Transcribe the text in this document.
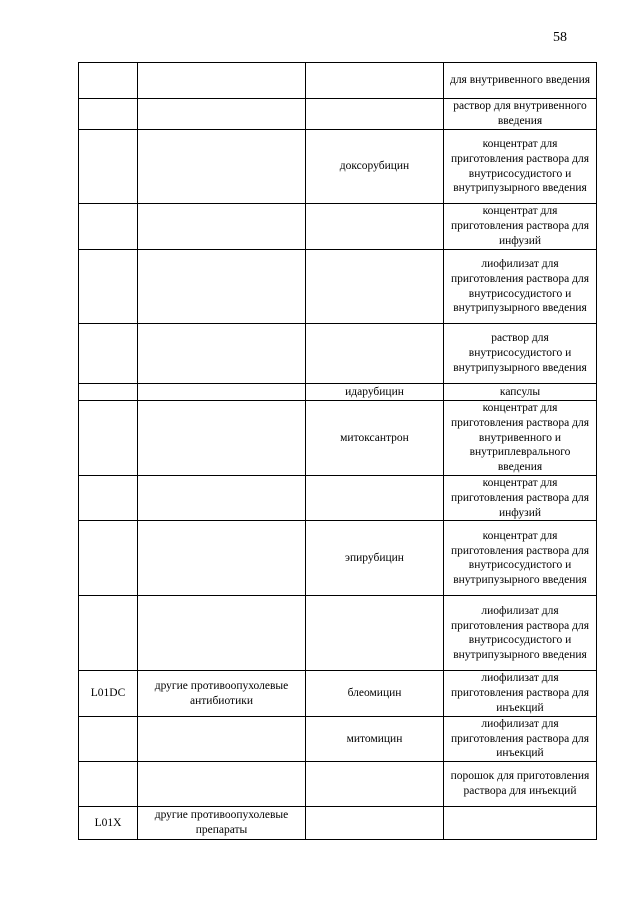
58
			для внутривенного введения
			раствор для внутривенного введения
		доксорубицин	концентрат для приготовления раствора для внутрисосудистого и внутрипузырного введения
			концентрат для приготовления раствора для инфузий
			лиофилизат для приготовления раствора для внутрисосудистого и внутрипузырного введения
			раствор для внутрисосудистого и внутрипузырного введения
		идарубицин	капсулы
		митоксантрон	концентрат для приготовления раствора для внутривенного и внутриплеврального введения
			концентрат для приготовления раствора для инфузий
		эпирубицин	концентрат для приготовления раствора для внутрисосудистого и внутрипузырного введения
			лиофилизат для приготовления раствора для внутрисосудистого и внутрипузырного введения
L01DC	другие противоопухолевые антибиотики	блеомицин	лиофилизат для приготовления раствора для инъекций
		митомицин	лиофилизат для приготовления раствора для инъекций
			порошок для приготовления раствора для инъекций
L01X	другие противоопухолевые препараты		
